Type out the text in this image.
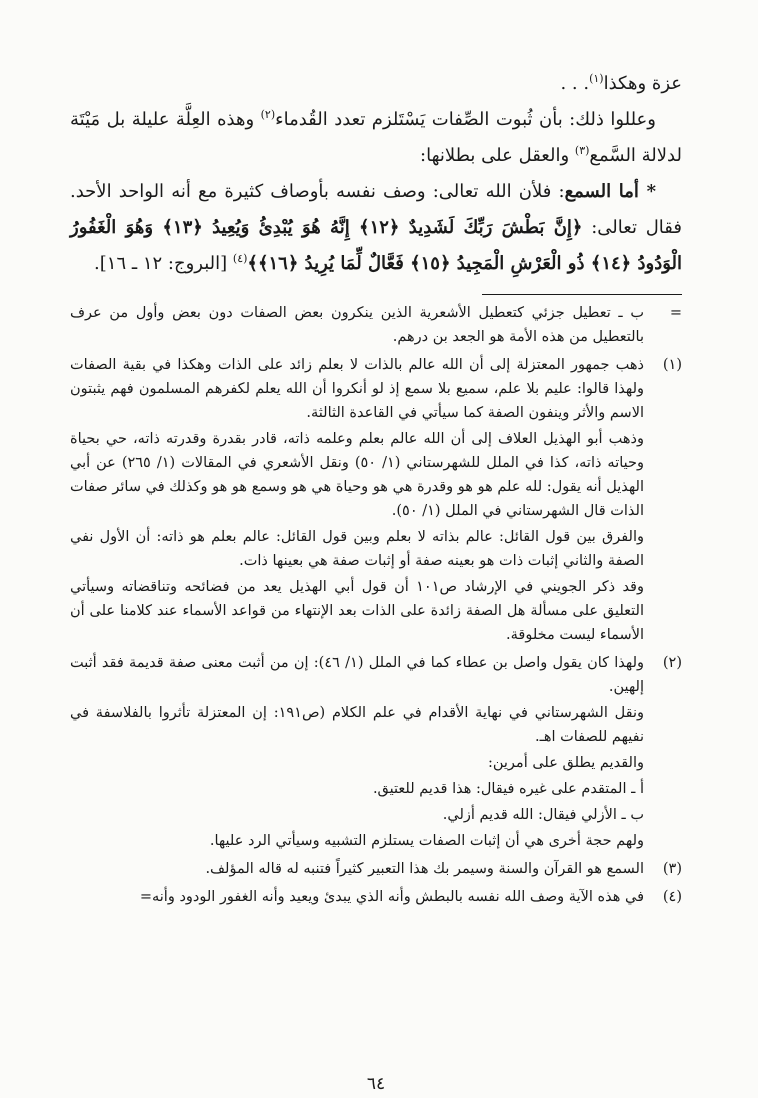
عزة وهكذا(١). . .

وعللوا ذلك: بأن ثُبوت الصِّفات يَسْتَلزم تعدد القُدماء$^{(٢)}$ وهذه العِلَّة عليلة بل مَيْتَة لدلالة السَّمع$^{(٣)}$ والعقل على بطلانها:

* أما السمع: فلأن الله تعالى: وصف نفسه بأوصاف كثيرة مع أنه الواحد الأحد. فقال تعالى: ﴿إِنَّ بَطْشَ رَبِّكَ لَشَدِيدٌ ﴿١٢﴾ إِنَّهُ هُوَ يُبْدِئُ وَيُعِيدُ ﴿١٣﴾ وَهُوَ الْغَفُورُ الْوَدُودُ ﴿١٤﴾ ذُو الْعَرْشِ الْمَجِيدُ ﴿١٥﴾ فَعَّالٌ لِّمَا يُرِيدُ ﴿١٦﴾﴾$^{(٤)}$ [البروج: ١٢ ـ ١٦].

=

ب ـ تعطيل جزئي كتعطيل الأشعرية الذين ينكرون بعض الصفات دون بعض وأول من عرف بالتعطيل من هذه الأمة هو الجعد بن درهم.

(١)

ذهب جمهور المعتزلة إلى أن الله عالم بالذات لا بعلم زائد على الذات وهكذا في بقية الصفات ولهذا قالوا: عليم بلا علم، سميع بلا سمع إذ لو أنكروا أن الله يعلم لكفرهم المسلمون فهم يثبتون الاسم والأثر وينفون الصفة كما سيأتي في القاعدة الثالثة.

وذهب أبو الهذيل العلاف إلى أن الله عالم بعلم وعلمه ذاته، قادر بقدرة وقدرته ذاته، حي بحياة وحياته ذاته، كذا في الملل للشهرستاني (١/ ٥٠) ونقل الأشعري في المقالات (١/ ٢٦٥) عن أبي الهذيل أنه يقول: لله علم هو هو وقدرة هي هو وحياة هي هو وسمع هو هو وكذلك في سائر صفات الذات قال الشهرستاني في الملل (١/ ٥٠).

والفرق بين قول القائل: عالم بذاته لا بعلم وبين قول القائل: عالم بعلم هو ذاته: أن الأول نفي الصفة والثاني إثبات ذات هو بعينه صفة أو إثبات صفة هي بعينها ذات.

وقد ذكر الجويني في الإرشاد ص١٠١ أن قول أبي الهذيل يعد من فضائحه وتناقضاته وسيأتي التعليق على مسألة هل الصفة زائدة على الذات بعد الإنتهاء من قواعد الأسماء عند كلامنا على أن الأسماء ليست مخلوقة.

(٢)

ولهذا كان يقول واصل بن عطاء كما في الملل (١/ ٤٦): إن من أثبت معنى صفة قديمة فقد أثبت إلهين.

ونقل الشهرستاني في نهاية الأقدام في علم الكلام (ص١٩١: إن المعتزلة تأثروا بالفلاسفة في نفيهم للصفات اهـ.

والقديم يطلق على أمرين:

أ ـ المتقدم على غيره فيقال: هذا قديم للعتيق.

ب ـ الأزلي فيقال: الله قديم أزلي.

ولهم حجة أخرى هي أن إثبات الصفات يستلزم التشبيه وسيأتي الرد عليها.

(٣)

السمع هو القرآن والسنة وسيمر بك هذا التعبير كثيراً فتنبه له قاله المؤلف.

(٤)

في هذه الآية وصف الله نفسه بالبطش وأنه الذي يبدئ ويعيد وأنه الغفور الودود وأنه=

٦٤
